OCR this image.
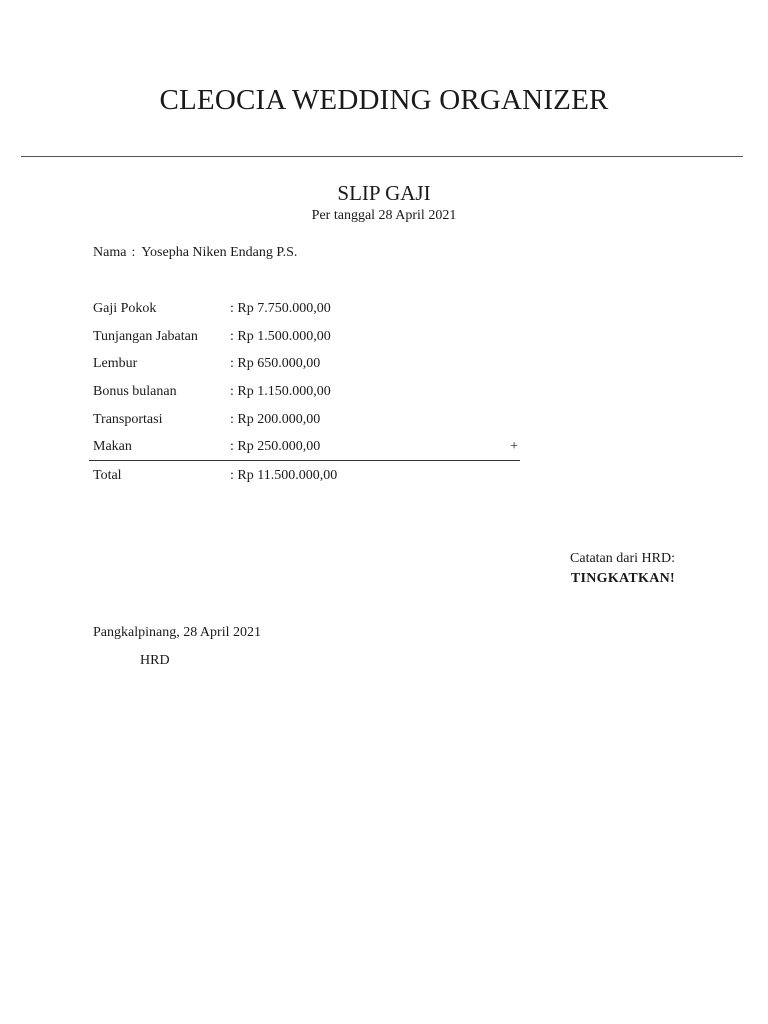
CLEOCIA WEDDING ORGANIZER
SLIP GAJI
Per tanggal 28 April 2021
Nama : Yosepha Niken Endang P.S.
Gaji Pokok	: Rp 7.750.000,00
Tunjangan Jabatan : Rp 1.500.000,00
Lembur	: Rp 650.000,00
Bonus bulanan	: Rp 1.150.000,00
Transportasi	: Rp 200.000,00
Makan	: Rp 250.000,00	+
Total	: Rp 11.500.000,00
Catatan dari HRD:
TINGKATKAN!
Pangkalpinang, 28 April 2021
HRD
